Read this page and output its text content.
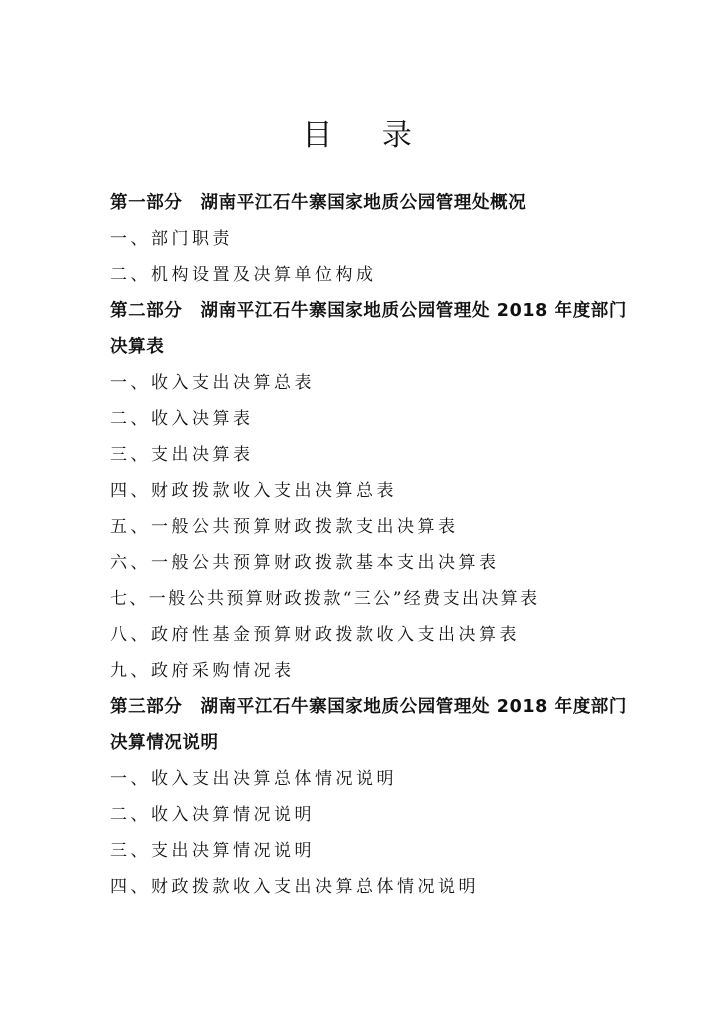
目 录
第一部分　湖南平江石牛寨国家地质公园管理处概况
一、部门职责
二、机构设置及决算单位构成
第二部分　湖南平江石牛寨国家地质公园管理处 2018 年度部门决算表
一、收入支出决算总表
二、收入决算表
三、支出决算表
四、财政拨款收入支出决算总表
五、一般公共预算财政拨款支出决算表
六、一般公共预算财政拨款基本支出决算表
七、一般公共预算财政拨款“三公”经费支出决算表
八、政府性基金预算财政拨款收入支出决算表
九、政府采购情况表
第三部分　湖南平江石牛寨国家地质公园管理处 2018 年度部门决算情况说明
一、收入支出决算总体情况说明
二、收入决算情况说明
三、支出决算情况说明
四、财政拨款收入支出决算总体情况说明
